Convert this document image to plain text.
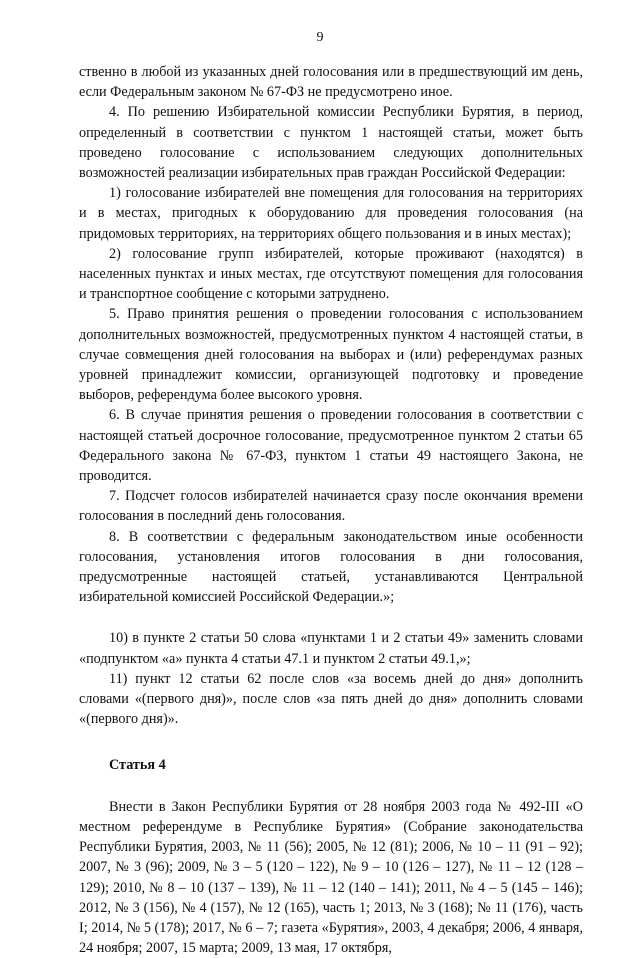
9

ственно в любой из указанных дней голосования или в предшествующий им день, если Федеральным законом № 67-ФЗ не предусмотрено иное.

4. По решению Избирательной комиссии Республики Бурятия, в период, определенный в соответствии с пунктом 1 настоящей статьи, может быть проведено голосование с использованием следующих дополнительных возможностей реализации избирательных прав граждан Российской Федерации:

1) голосование избирателей вне помещения для голосования на территориях и в местах, пригодных к оборудованию для проведения голосования (на придомовых территориях, на территориях общего пользования и в иных местах);

2) голосование групп избирателей, которые проживают (находятся) в населенных пунктах и иных местах, где отсутствуют помещения для голосования и транспортное сообщение с которыми затруднено.

5. Право принятия решения о проведении голосования с использованием дополнительных возможностей, предусмотренных пунктом 4 настоящей статьи, в случае совмещения дней голосования на выборах и (или) референдумах разных уровней принадлежит комиссии, организующей подготовку и проведение выборов, референдума более высокого уровня.

6. В случае принятия решения о проведении голосования в соответствии с настоящей статьей досрочное голосование, предусмотренное пунктом 2 статьи 65 Федерального закона № 67-ФЗ, пунктом 1 статьи 49 настоящего Закона, не проводится.

7. Подсчет голосов избирателей начинается сразу после окончания времени голосования в последний день голосования.

8. В соответствии с федеральным законодательством иные особенности голосования, установления итогов голосования в дни голосования, предусмотренные настоящей статьей, устанавливаются Центральной избирательной комиссией Российской Федерации.»;

10) в пункте 2 статьи 50 слова «пунктами 1 и 2 статьи 49» заменить словами «подпунктом «а» пункта 4 статьи 47.1 и пунктом 2 статьи 49.1,»;

11) пункт 12 статьи 62 после слов «за восемь дней до дня» дополнить словами «(первого дня)», после слов «за пять дней до дня» дополнить словами «(первого дня)».

Статья 4

Внести в Закон Республики Бурятия от 28 ноября 2003 года № 492-III «О местном референдуме в Республике Бурятия» (Собрание законодательства Республики Бурятия, 2003, № 11 (56); 2005, № 12 (81); 2006, № 10 – 11 (91 – 92); 2007, № 3 (96); 2009, № 3 – 5 (120 – 122), № 9 – 10 (126 – 127), № 11 – 12 (128 – 129); 2010, № 8 – 10 (137 – 139), № 11 – 12 (140 – 141); 2011, № 4 – 5 (145 – 146); 2012, № 3 (156), № 4 (157), № 12 (165), часть 1; 2013, № 3 (168); № 11 (176), часть I; 2014, № 5 (178); 2017, № 6 – 7; газета «Бурятия», 2003, 4 декабря; 2006, 4 января, 24 ноября; 2007, 15 марта; 2009, 13 мая, 17 октября,
